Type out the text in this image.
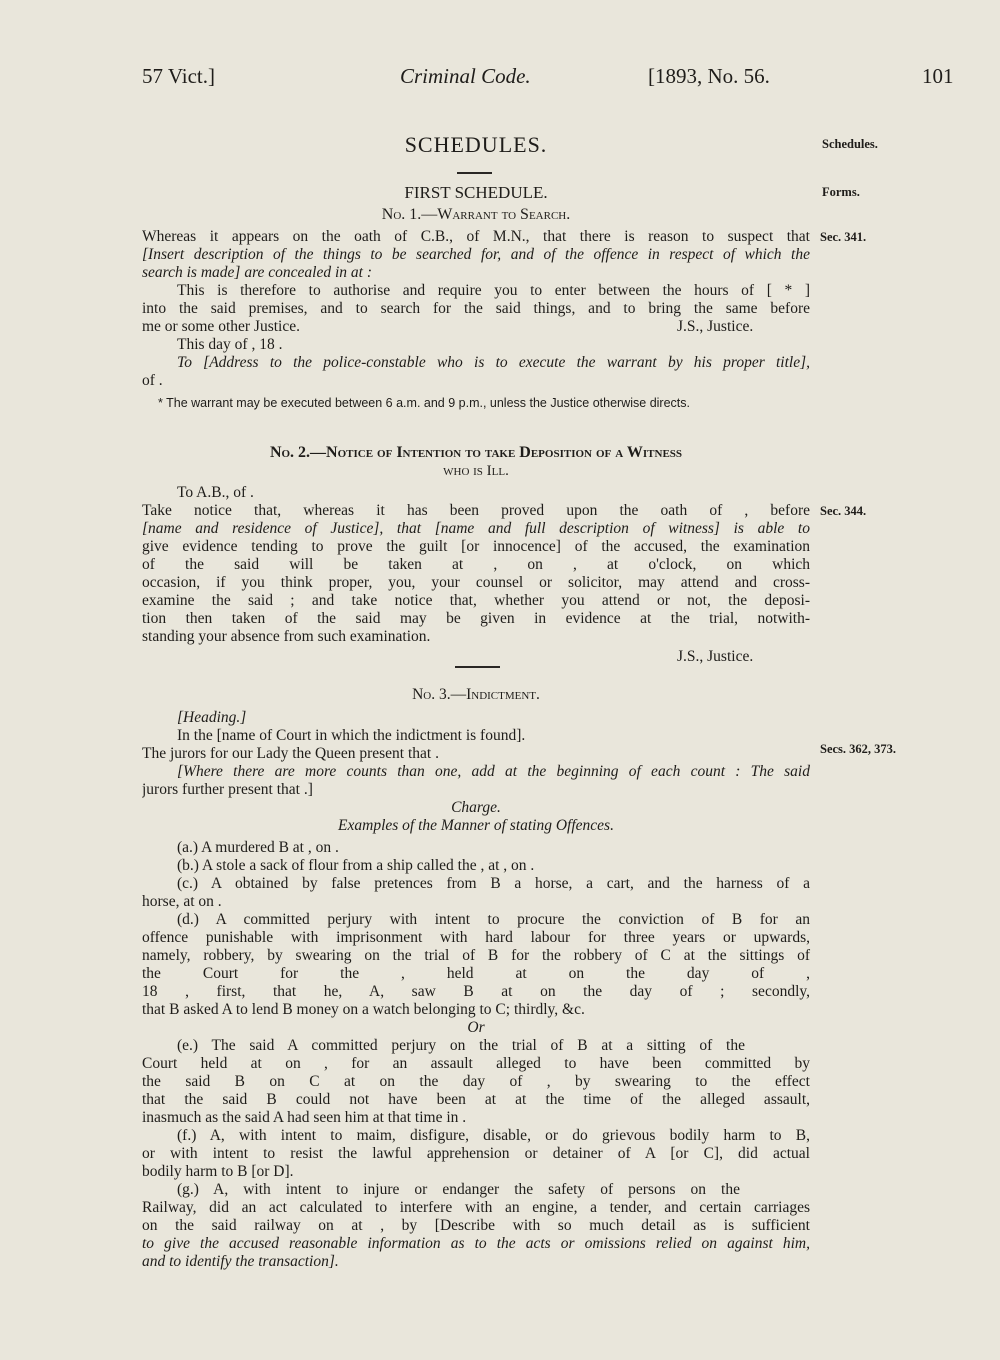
57 Vict.]	Criminal Code.	[1893, No. 56.	101
Schedules.
Forms.
Sec. 341.
Sec. 344.
Secs. 362, 373.
SCHEDULES.
FIRST SCHEDULE.
No. 1.—Warrant to Search.
Whereas it appears on the oath of C.B., of M.N., that there is reason to suspect that
[Insert description of the things to be searched for, and of the offence in respect of which the
search is made] are concealed in at :
This is therefore to authorise and require you to enter between the hours of [ * ]
into the said premises, and to search for the said things, and to bring the same before
me or some other Justice.	J.S., Justice.
This day of , 18 .
To [Address to the police-constable who is to execute the warrant by his proper title],
of .
* The warrant may be executed between 6 a.m. and 9 p.m., unless the Justice otherwise directs.
No. 2.—Notice of Intention to take Deposition of a Witness
who is Ill.
To A.B., of .
Take notice that, whereas it has been proved upon the oath of , before
[name and residence of Justice], that [name and full description of witness] is able to
give evidence tending to prove the guilt [or innocence] of the accused, the examination
of the said will be taken at , on , at o'clock, on which
occasion, if you think proper, you, your counsel or solicitor, may attend and cross-
examine the said ; and take notice that, whether you attend or not, the deposi-
tion then taken of the said may be given in evidence at the trial, notwith-
standing your absence from such examination.
J.S., Justice.
No. 3.—Indictment.
[Heading.]
In the [name of Court in which the indictment is found].
The jurors for our Lady the Queen present that .
[Where there are more counts than one, add at the beginning of each count : The said
jurors further present that .]
Charge.
Examples of the Manner of stating Offences.
(a.) A murdered B at , on .
(b.) A stole a sack of flour from a ship called the , at , on .
(c.) A obtained by false pretences from B a horse, a cart, and the harness of a
horse, at on .
(d.) A committed perjury with intent to procure the conviction of B for an
offence punishable with imprisonment with hard labour for three years or upwards,
namely, robbery, by swearing on the trial of B for the robbery of C at the sittings of
the Court for the , held at on the day of ,
18 , first, that he, A, saw B at on the day of ; secondly,
that B asked A to lend B money on a watch belonging to C; thirdly, &c.
Or
(e.) The said A committed perjury on the trial of B at a sitting of the
Court held at on , for an assault alleged to have been committed by
the said B on C at on the day of , by swearing to the effect
that the said B could not have been at at the time of the alleged assault,
inasmuch as the said A had seen him at that time in .
(f.) A, with intent to maim, disfigure, disable, or do grievous bodily harm to B,
or with intent to resist the lawful apprehension or detainer of A [or C], did actual
bodily harm to B [or D].
(g.) A, with intent to injure or endanger the safety of persons on the
Railway, did an act calculated to interfere with an engine, a tender, and certain carriages
on the said railway on at , by [Describe with so much detail as is sufficient
to give the accused reasonable information as to the acts or omissions relied on against him,
and to identify the transaction].
